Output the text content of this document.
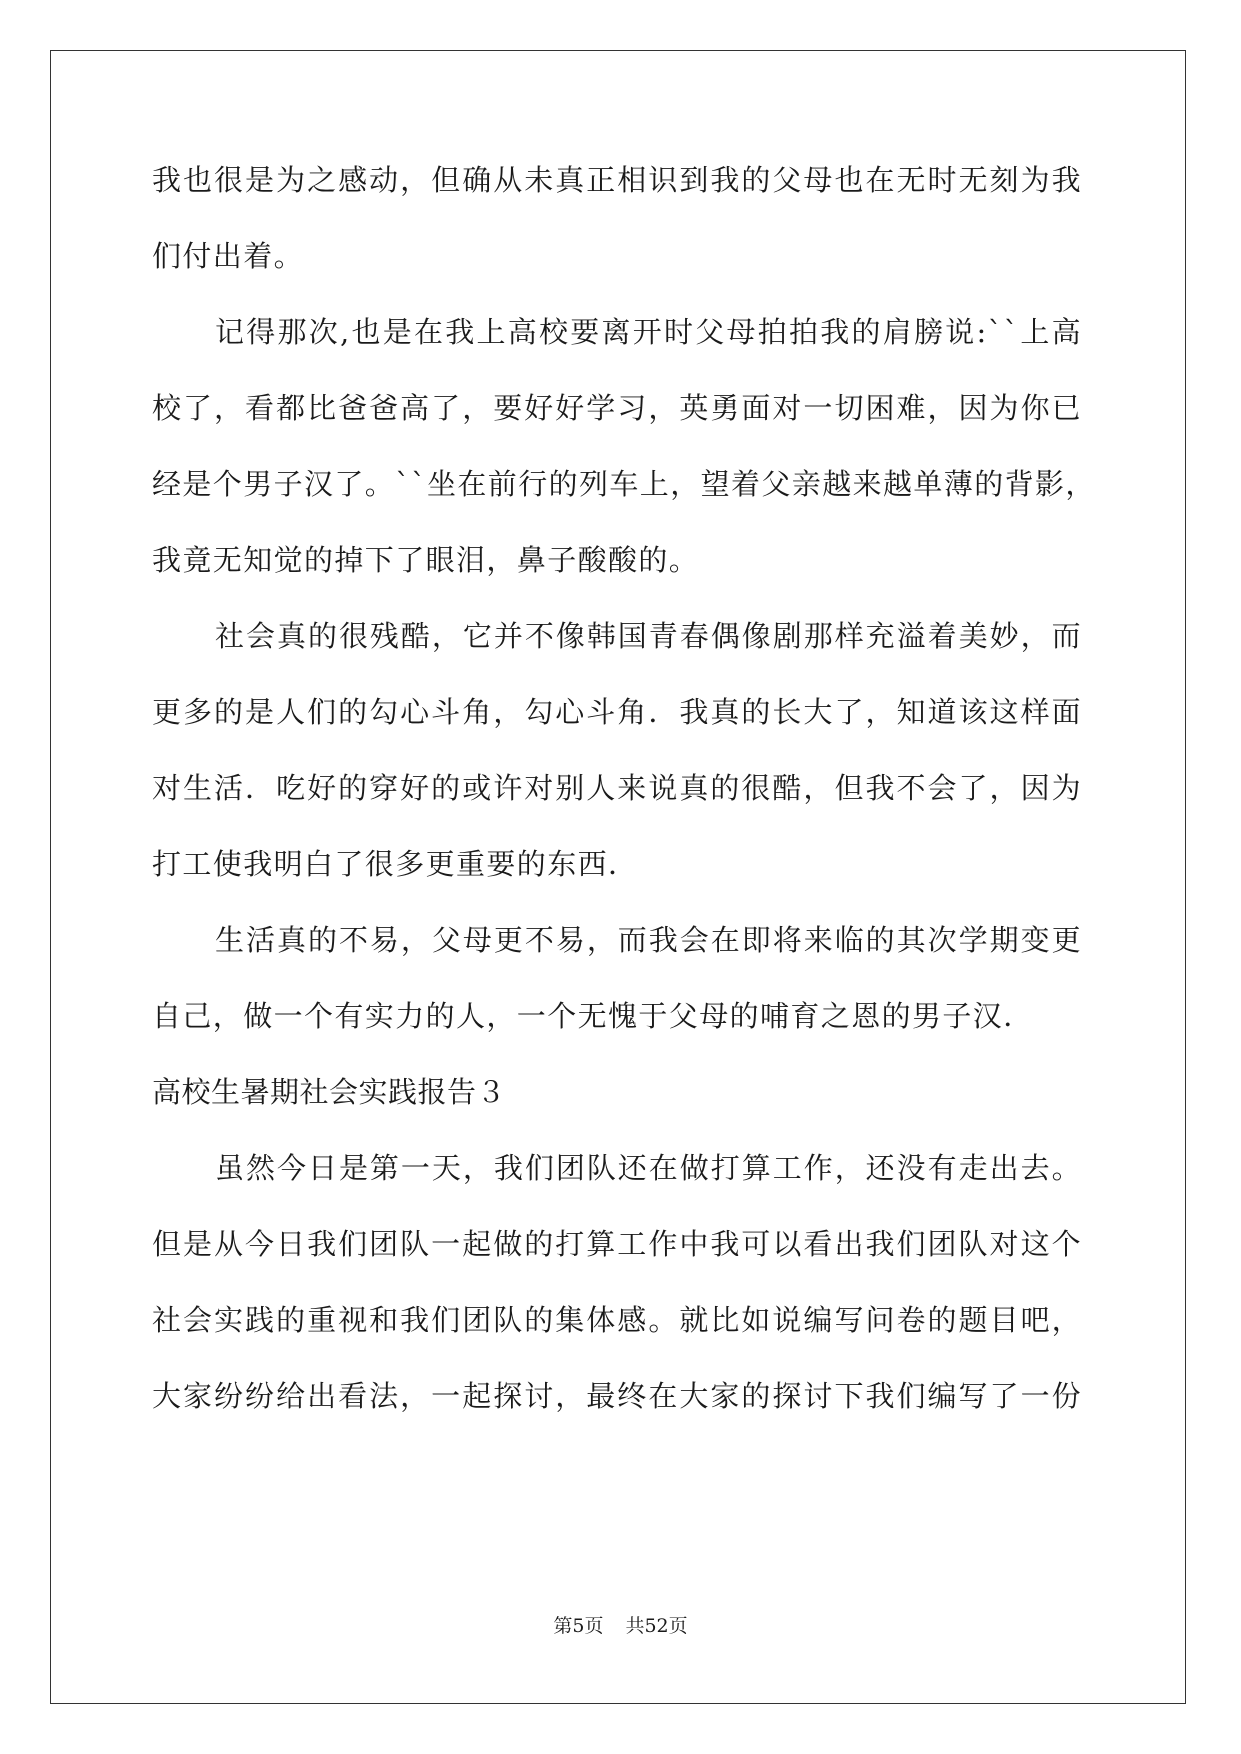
我也很是为之感动，但确从未真正相识到我的父母也在无时无刻为我
们付出着。
记得那次,也是在我上高校要离开时父母拍拍我的肩膀说:``上高
校了，看都比爸爸高了，要好好学习，英勇面对一切困难，因为你已
经是个男子汉了。``坐在前行的列车上，望着父亲越来越单薄的背影，
我竟无知觉的掉下了眼泪，鼻子酸酸的。
社会真的很残酷，它并不像韩国青春偶像剧那样充溢着美妙，而
更多的是人们的勾心斗角，勾心斗角．我真的长大了，知道该这样面
对生活．吃好的穿好的或许对别人来说真的很酷，但我不会了，因为
打工使我明白了很多更重要的东西．
生活真的不易，父母更不易，而我会在即将来临的其次学期变更
自己，做一个有实力的人，一个无愧于父母的哺育之恩的男子汉．
高校生暑期社会实践报告３
虽然今日是第一天，我们团队还在做打算工作，还没有走出去。
但是从今日我们团队一起做的打算工作中我可以看出我们团队对这个
社会实践的重视和我们团队的集体感。就比如说编写问卷的题目吧，
大家纷纷给出看法，一起探讨，最终在大家的探讨下我们编写了一份
第5页 共52页
